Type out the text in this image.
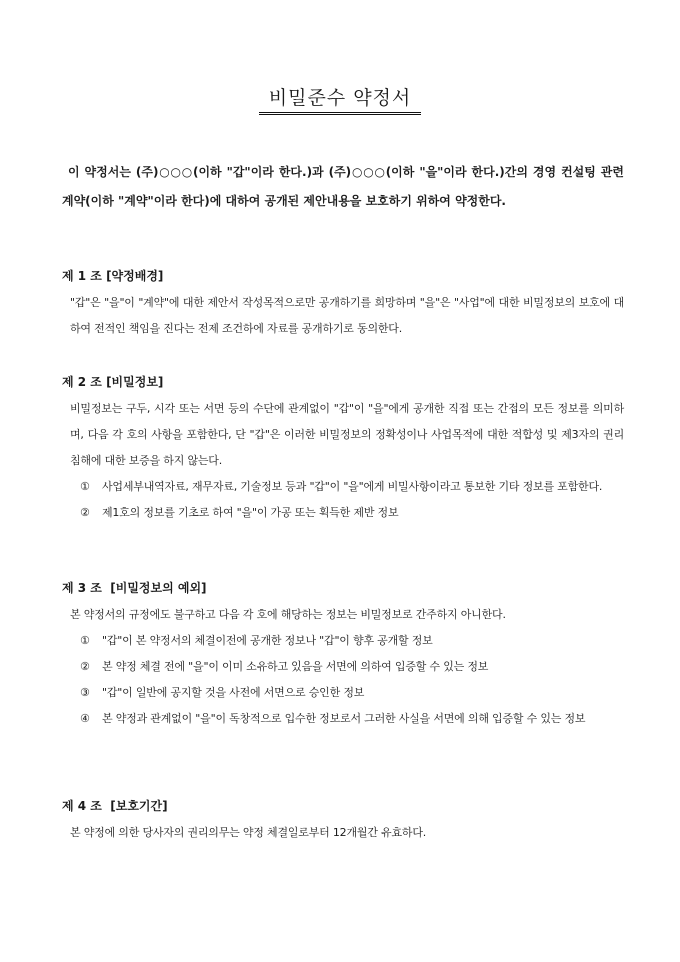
비밀준수 약정서
이 약정서는 (주)○○○(이하 "갑"이라 한다.)과 (주)○○○(이하 "을"이라 한다.)간의 경영 컨설팅 관련 계약(이하 "계약"이라 한다)에 대하여 공개된 제안내용을 보호하기 위하여 약정한다.
제 1 조 [약정배경]
"갑"은 "을"이 "계약"에 대한 제안서 작성목적으로만 공개하기를 희망하며 "을"은 "사업"에 대한 비밀정보의 보호에 대하여 전적인 책임을 진다는 전제 조건하에 자료를 공개하기로 동의한다.
제 2 조 [비밀정보]
비밀정보는 구두, 시각 또는 서면 등의 수단에 관계없이 "갑"이 "을"에게 공개한 직접 또는 간접의 모든 정보를 의미하며, 다음 각 호의 사항을 포함한다, 단 "갑"은 이러한 비밀정보의 정확성이나 사업목적에 대한 적합성 및 제3자의 권리침해에 대한 보증을 하지 않는다.
① 사업세부내역자료, 재무자료, 기술정보 등과 "갑"이 "을"에게 비밀사항이라고 통보한 기타 정보를 포함한다.
② 제1호의 정보를 기초로 하여 "을"이 가공 또는 획득한 제반 정보
제 3 조  [비밀정보의 예외]
본 약정서의 규정에도 불구하고 다음 각 호에 해당하는 정보는 비밀정보로 간주하지 아니한다.
① "갑"이 본 약정서의 체결이전에 공개한 정보나 "갑"이 향후 공개할 정보
② 본 약정 체결 전에 "을"이 이미 소유하고 있음을 서면에 의하여 입증할 수 있는 정보
③ "갑"이 일반에 공지할 것을 사전에 서면으로 승인한 정보
④ 본 약정과 관계없이 "을"이 독창적으로 입수한 정보로서 그러한 사실을 서면에 의해 입증할 수 있는 정보
제 4 조  [보호기간]
본 약정에 의한 당사자의 권리의무는 약정 체결일로부터 12개월간 유효하다.
